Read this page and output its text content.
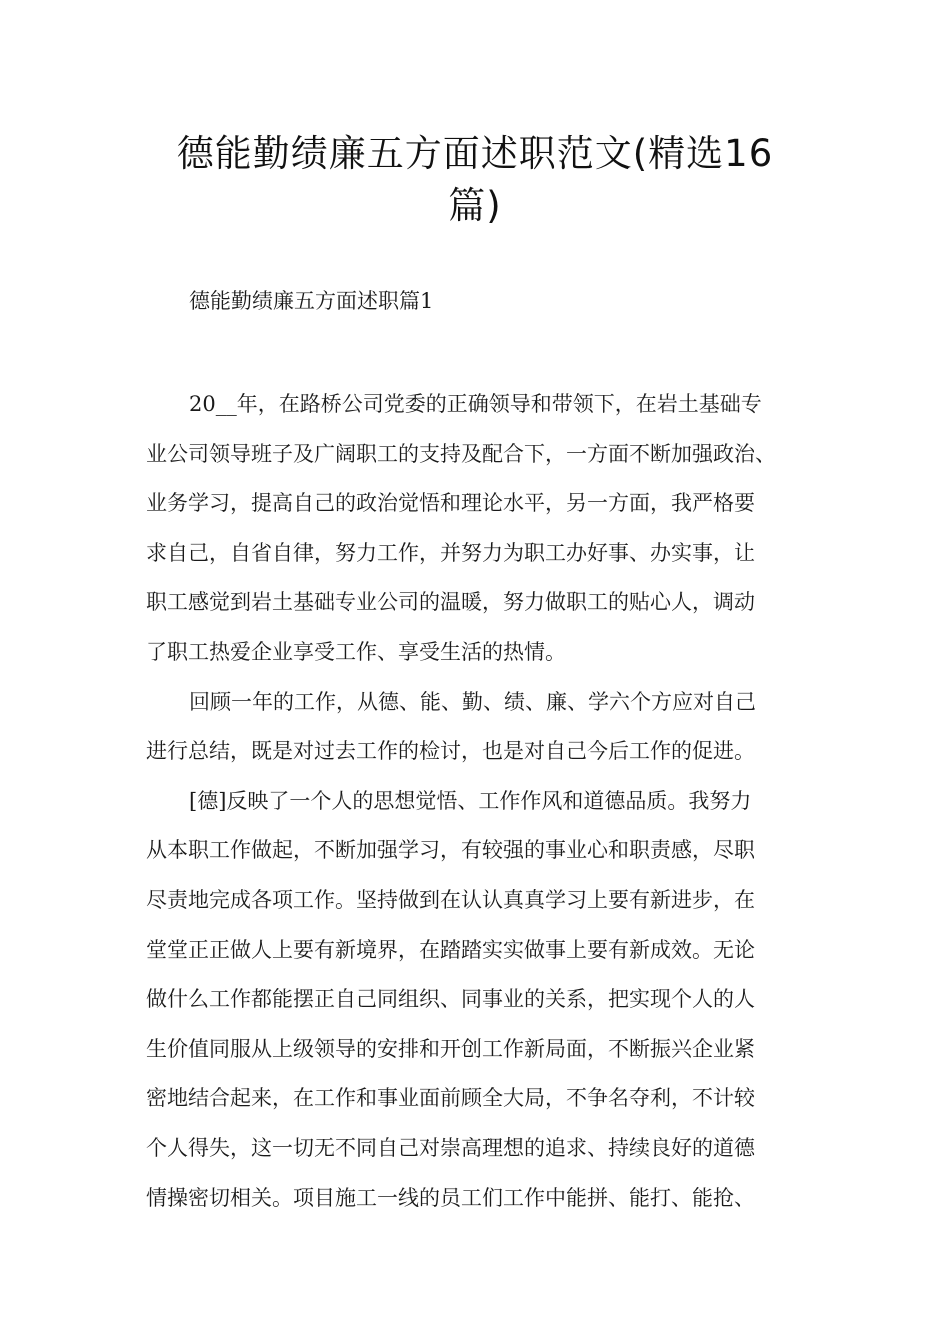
德能勤绩廉五方面述职范文(精选16
篇)

德能勤绩廉五方面述职篇1

20__年，在路桥公司党委的正确领导和带领下，在岩土基础专
业公司领导班子及广阔职工的支持及配合下，一方面不断加强政治、
业务学习，提高自己的政治觉悟和理论水平，另一方面，我严格要
求自己，自省自律，努力工作，并努力为职工办好事、办实事，让
职工感觉到岩土基础专业公司的温暖，努力做职工的贴心人，调动
了职工热爱企业享受工作、享受生活的热情。
回顾一年的工作，从德、能、勤、绩、廉、学六个方应对自己
进行总结，既是对过去工作的检讨，也是对自己今后工作的促进。
[德]反映了一个人的思想觉悟、工作作风和道德品质。我努力
从本职工作做起，不断加强学习，有较强的事业心和职责感，尽职
尽责地完成各项工作。坚持做到在认认真真学习上要有新进步，在
堂堂正正做人上要有新境界，在踏踏实实做事上要有新成效。无论
做什么工作都能摆正自己同组织、同事业的关系，把实现个人的人
生价值同服从上级领导的安排和开创工作新局面，不断振兴企业紧
密地结合起来，在工作和事业面前顾全大局，不争名夺利，不计较
个人得失，这一切无不同自己对崇高理想的追求、持续良好的道德
情操密切相关。项目施工一线的员工们工作中能拼、能打、能抢、
